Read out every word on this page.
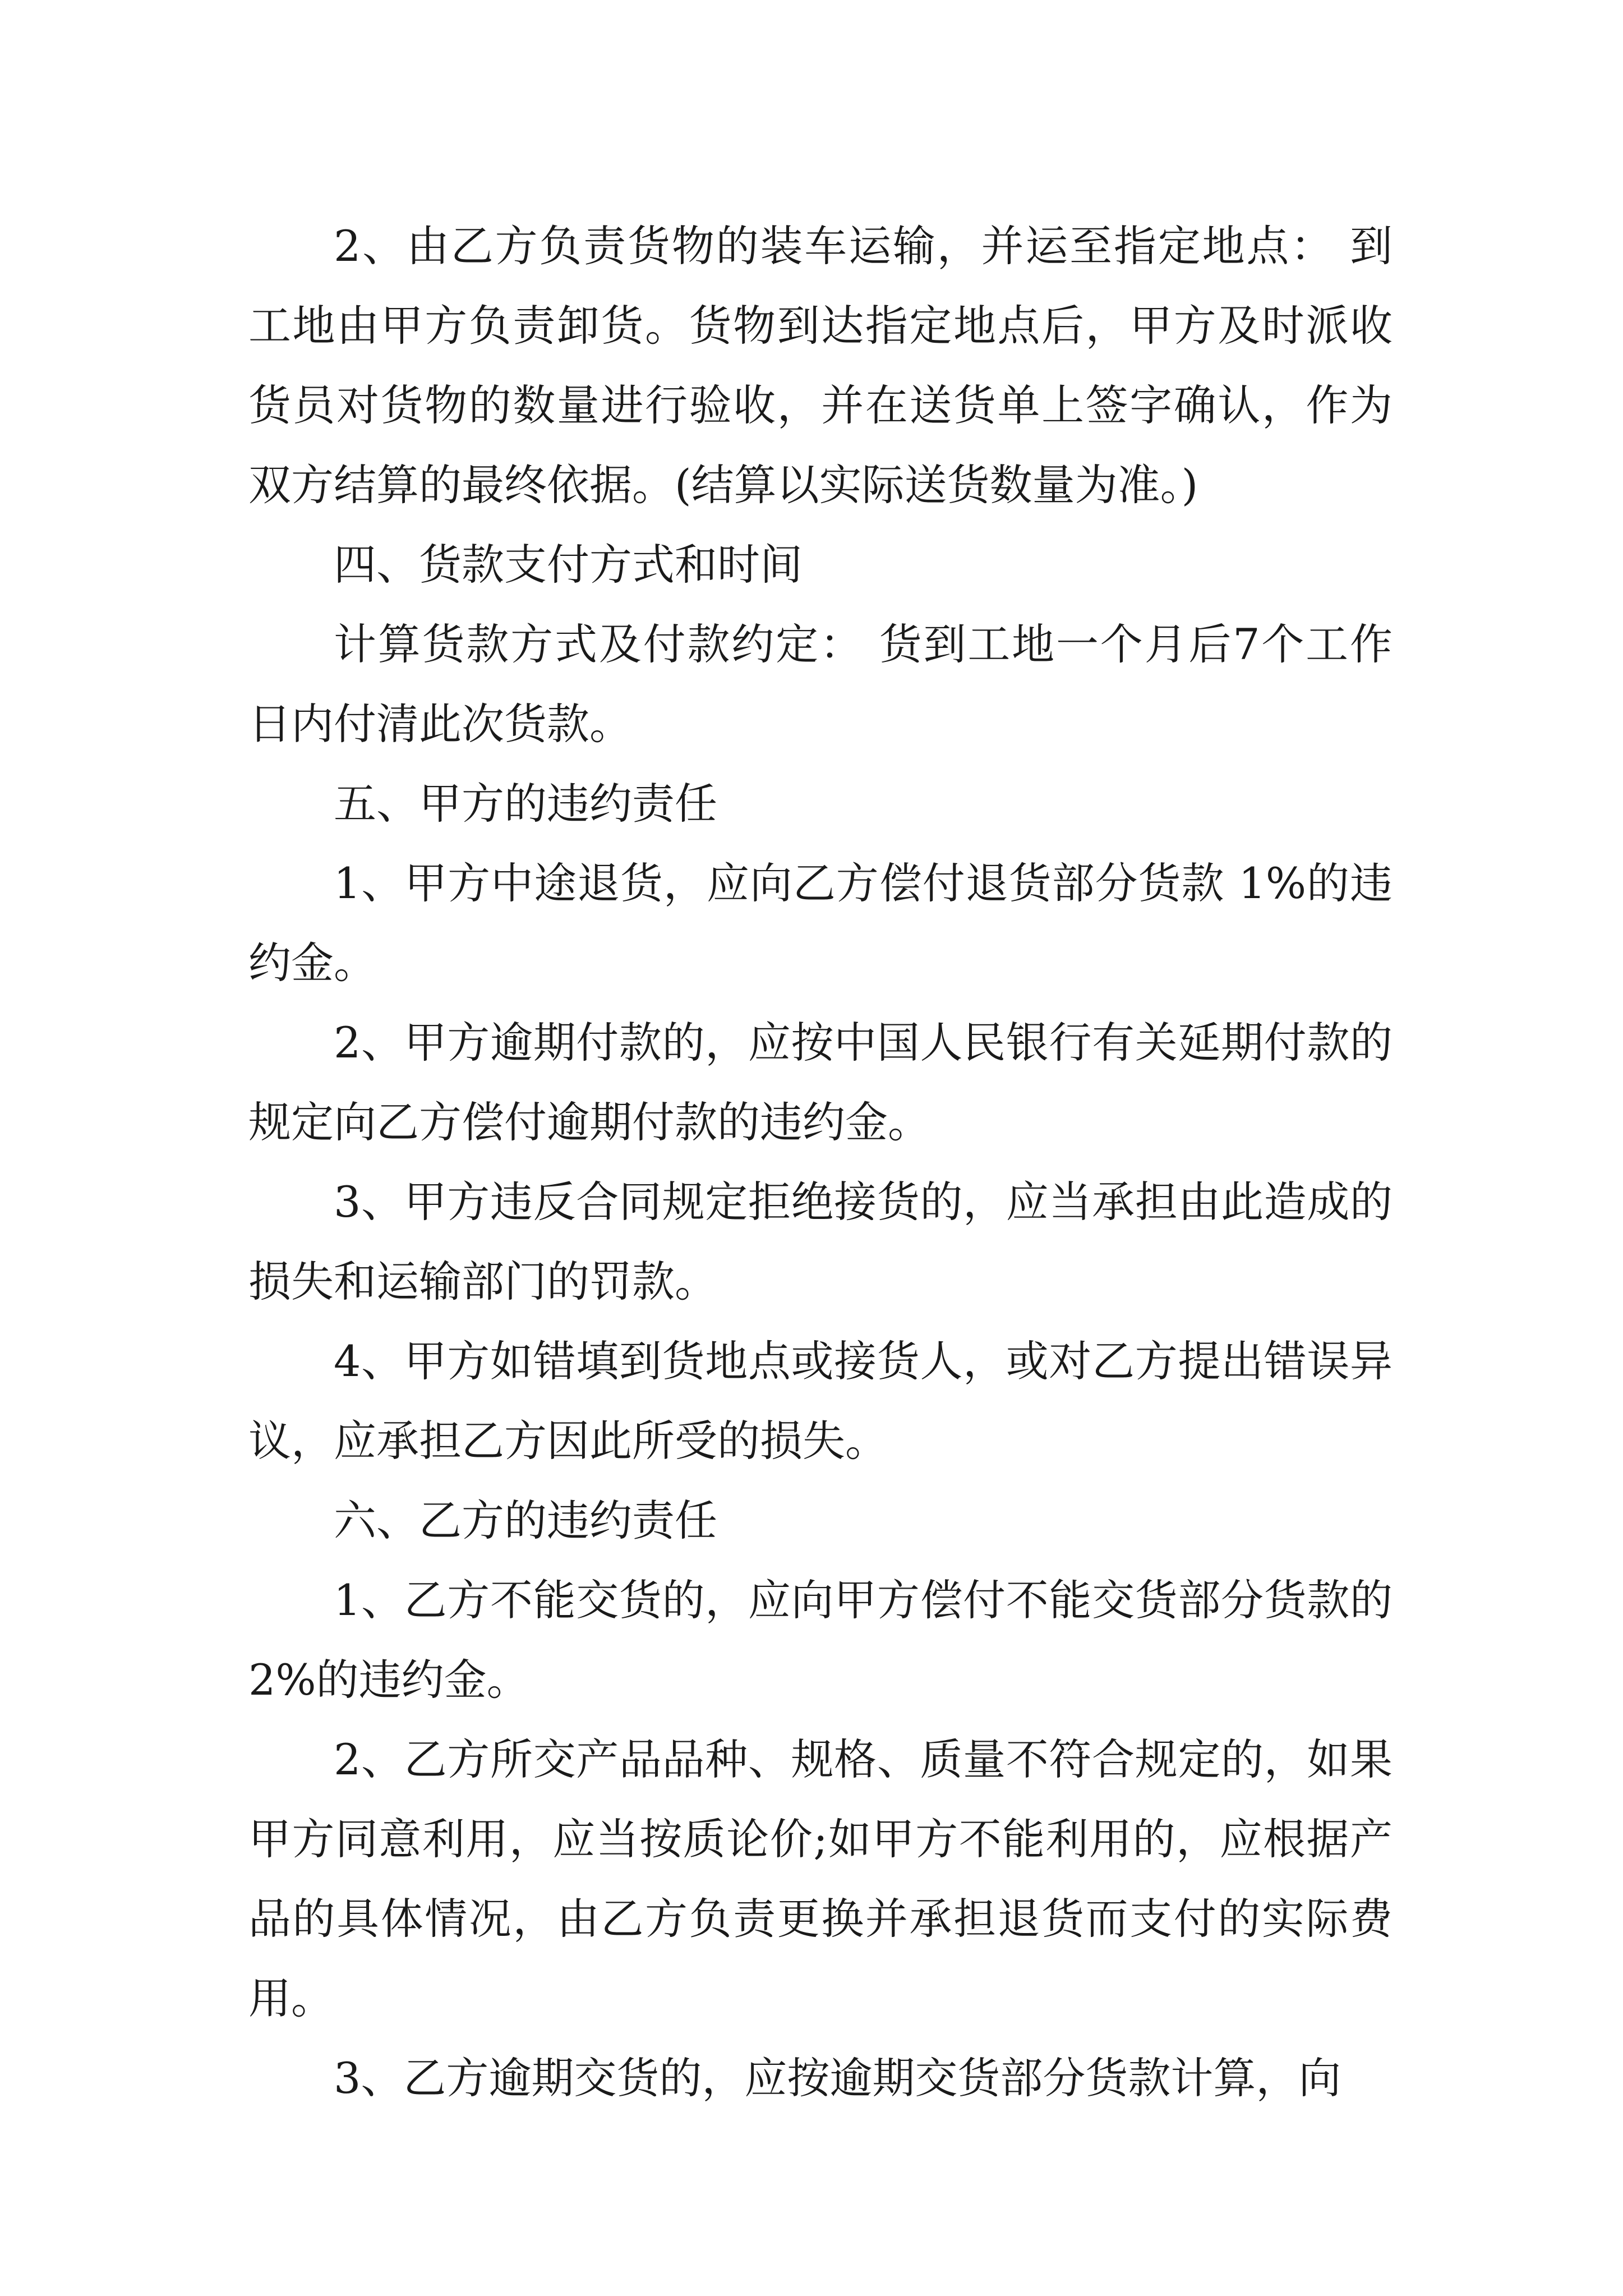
2、由乙方负责货物的装车运输，并运至指定地点： 到工地由甲方负责卸货。货物到达指定地点后，甲方及时派收货员对货物的数量进行验收，并在送货单上签字确认，作为双方结算的最终依据。(结算以实际送货数量为准。)

四、货款支付方式和时间

计算货款方式及付款约定： 货到工地一个月后7个工作日内付清此次货款。

五、甲方的违约责任

1、甲方中途退货，应向乙方偿付退货部分货款 1%的违约金。

2、甲方逾期付款的，应按中国人民银行有关延期付款的规定向乙方偿付逾期付款的违约金。

3、甲方违反合同规定拒绝接货的，应当承担由此造成的损失和运输部门的罚款。

4、甲方如错填到货地点或接货人，或对乙方提出错误异议，应承担乙方因此所受的损失。

六、乙方的违约责任

1、乙方不能交货的，应向甲方偿付不能交货部分货款的 2%的违约金。

2、乙方所交产品品种、规格、质量不符合规定的，如果甲方同意利用，应当按质论价;如甲方不能利用的，应根据产品的具体情况，由乙方负责更换并承担退货而支付的实际费用。

3、乙方逾期交货的，应按逾期交货部分货款计算，向
